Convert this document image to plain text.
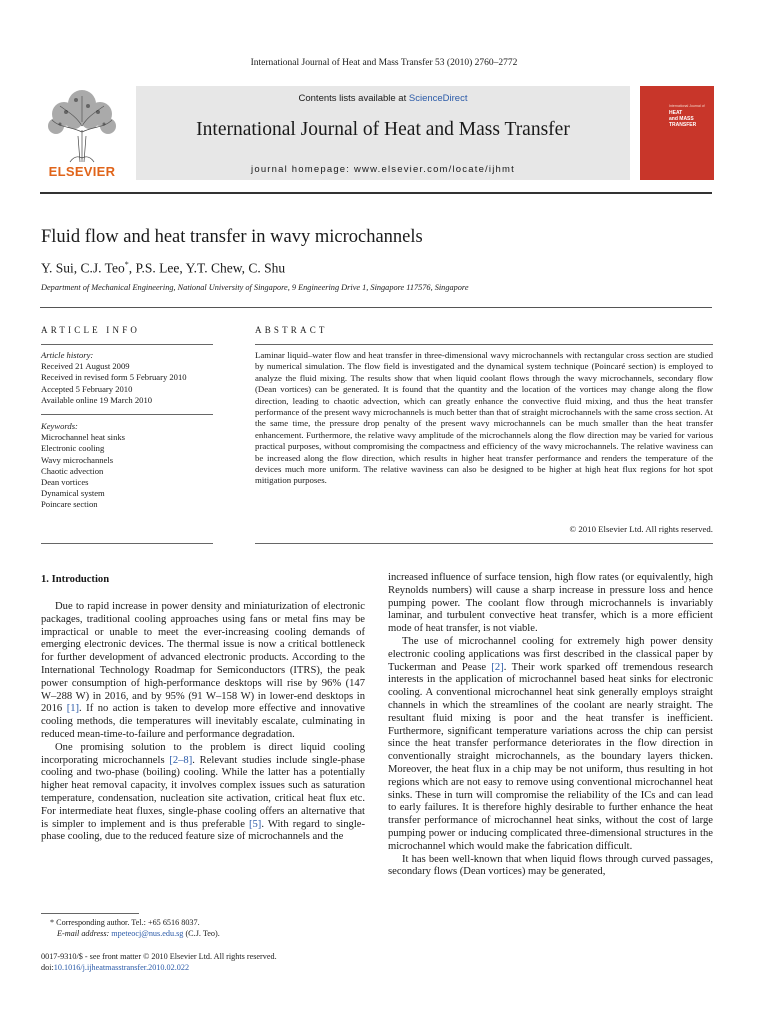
International Journal of Heat and Mass Transfer 53 (2010) 2760–2772
ELSEVIER
Contents lists available at ScienceDirect
International Journal of Heat and Mass Transfer
journal homepage: www.elsevier.com/locate/ijhmt
International Journal of
HEAT
and MASS
TRANSFER
Fluid flow and heat transfer in wavy microchannels
Y. Sui, C.J. Teo*, P.S. Lee, Y.T. Chew, C. Shu
Department of Mechanical Engineering, National University of Singapore, 9 Engineering Drive 1, Singapore 117576, Singapore
ARTICLE INFO
Article history:
Received 21 August 2009
Received in revised form 5 February 2010
Accepted 5 February 2010
Available online 19 March 2010
Keywords:
Microchannel heat sinks
Electronic cooling
Wavy microchannels
Chaotic advection
Dean vortices
Dynamical system
Poincare section
ABSTRACT
Laminar liquid–water flow and heat transfer in three-dimensional wavy microchannels with rectangular cross section are studied by numerical simulation. The flow field is investigated and the dynamical system technique (Poincaré section) is employed to analyze the fluid mixing. The results show that when liquid coolant flows through the wavy microchannels, secondary flow (Dean vortices) can be generated. It is found that the quantity and the location of the vortices may change along the flow direction, leading to chaotic advection, which can greatly enhance the convective fluid mixing, and thus the heat transfer performance of the present wavy microchannels is much better than that of straight microchannels with the same cross section. At the same time, the pressure drop penalty of the present wavy microchannels can be much smaller than the heat transfer enhancement. Furthermore, the relative wavy amplitude of the microchannels along the flow direction may be varied for various practical purposes, without compromising the compactness and efficiency of the wavy microchannels. The relative waviness can be increased along the flow direction, which results in higher heat transfer performance and renders the temperature of the devices much more uniform. The relative waviness can also be designed to be higher at high heat flux regions for hot spot mitigation purposes.
© 2010 Elsevier Ltd. All rights reserved.
1. Introduction

Due to rapid increase in power density and miniaturization of electronic packages, traditional cooling approaches using fans or metal fins may be impractical or unable to meet the ever-increasing cooling demands of emerging electronic devices. The thermal issue is now a critical bottleneck for further development of advanced electronic products. According to the International Technology Roadmap for Semiconductors (ITRS), the peak power consumption of high-performance desktops will rise by 96% (147 W–288 W) in 2016, and by 95% (91 W–158 W) in lower-end desktops in 2016 [1]. If no action is taken to develop more effective and innovative cooling methods, die temperatures will inevitably escalate, culminating in reduced mean-time-to-failure and performance degradation.

One promising solution to the problem is direct liquid cooling incorporating microchannels [2–8]. Relevant studies include single-phase cooling and two-phase (boiling) cooling. While the latter has a potentially higher heat removal capacity, it involves complex issues such as saturation temperature, condensation, nucleation site activation, critical heat flux etc. For intermediate heat fluxes, single-phase cooling offers an alternative that is simpler to implement and is thus preferable [5]. With regard to single-phase cooling, due to the reduced feature size of microchannels and the

increased influence of surface tension, high flow rates (or equivalently, high Reynolds numbers) will cause a sharp increase in pressure loss and hence pumping power. The coolant flow through microchannels is invariably laminar, and turbulent convective heat transfer, which is a more efficient mode of heat transfer, is not viable.

The use of microchannel cooling for extremely high power density electronic cooling applications was first described in the classical paper by Tuckerman and Pease [2]. Their work sparked off tremendous research interests in the application of microchannel based heat sinks for electronic cooling. A conventional microchannel heat sink generally employs straight channels in which the streamlines of the coolant are nearly straight. The resultant fluid mixing is poor and the heat transfer is inefficient. Furthermore, significant temperature variations across the chip can persist since the heat transfer performance deteriorates in the flow direction in conventionally straight microchannels, as the boundary layers thicken. Moreover, the heat flux in a chip may be not uniform, thus resulting in hot regions which are not easy to remove using conventional microchannel heat sinks. These in turn will compromise the reliability of the ICs and can lead to early failures. It is therefore highly desirable to further enhance the heat transfer performance of microchannel heat sinks, without the cost of large pumping power or inducing complicated three-dimensional structures in the microchannel which would make the fabrication difficult.

It has been well-known that when liquid flows through curved passages, secondary flows (Dean vortices) may be generated,

* Corresponding author. Tel.: +65 6516 8037.
E-mail address: mpeteocj@nus.edu.sg (C.J. Teo).
0017-9310/$ - see front matter © 2010 Elsevier Ltd. All rights reserved.
doi:10.1016/j.ijheatmasstransfer.2010.02.022
